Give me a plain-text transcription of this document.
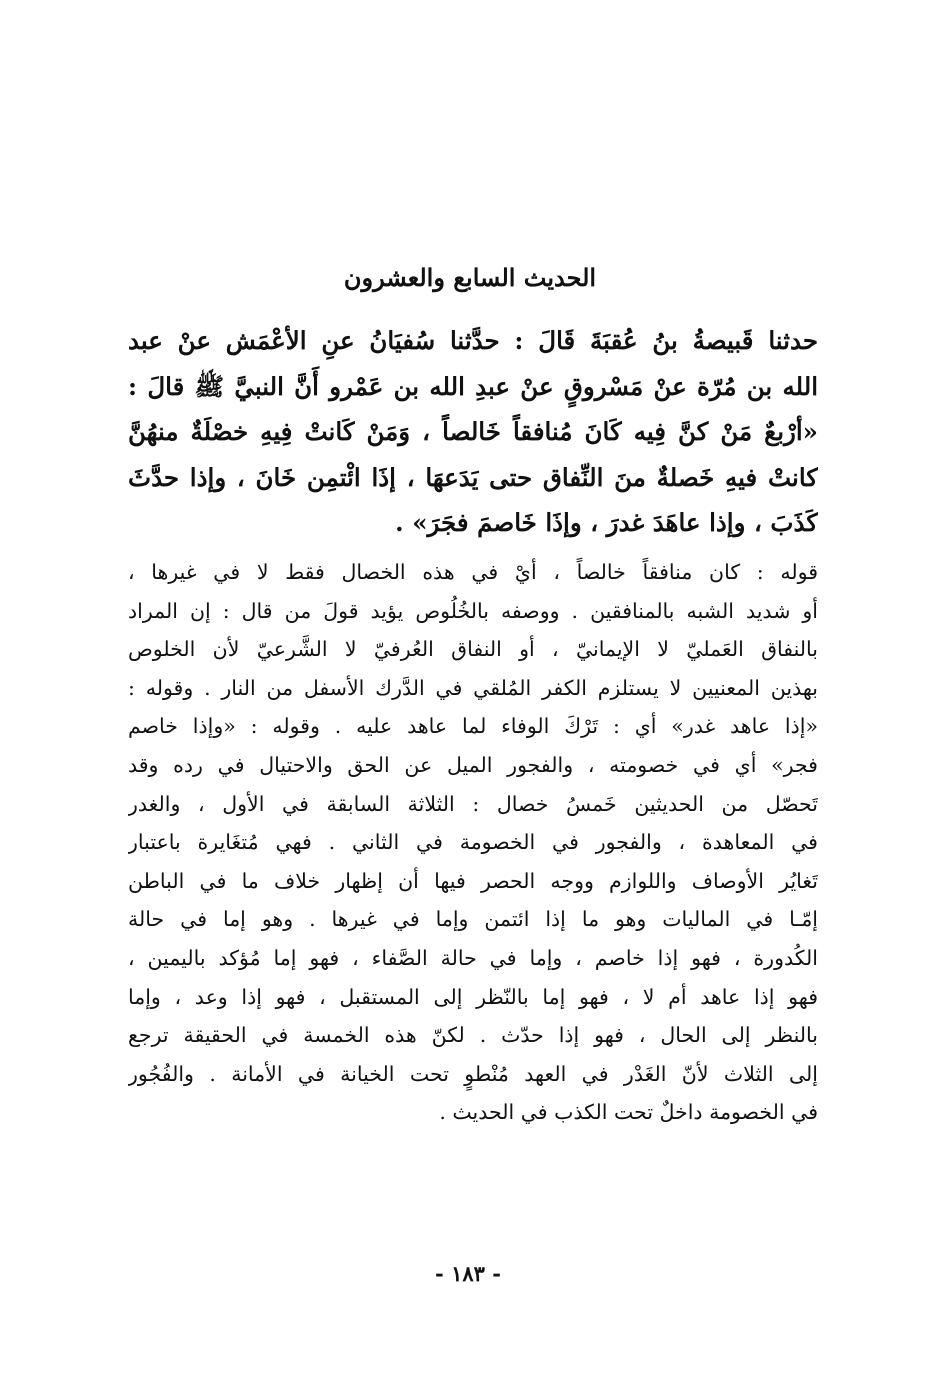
الحديث السابع والعشرون
حدثنا قَبيصةُ بنُ عُقبَةَ قَالَ : حدَّثنا سُفيَانُ عنِ الأعْمَش عنْ عبد
الله بن مُرّة عنْ مَسْروقٍ عنْ عبدِ الله بن عَمْرو أَنَّ النبيَّ ﷺ قالَ :
«أرْبعٌ مَنْ كنَّ فِيه كَانَ مُنافقاً خَالصاً ، وَمَنْ كَانتْ فِيهِ خصْلَةٌ منهُنَّ
كانتْ فيهِ خَصلةٌ منَ النِّفاق حتى يَدَعهَا ، إذَا ائْتمِن خَانَ ، وإذا حدَّثَ
كَذَبَ ، وإذا عاهَدَ غدرَ ، وإذَا خَاصمَ فجَرَ» .
قوله : كان منافقاً خالصاً ، أيْ في هذه الخصال فقط لا في غيرها ،
أو شديد الشبه بالمنافقين . ووصفه بالخُلُوص يؤيد قولَ من قال : إن المراد
بالنفاق العَمليّ لا الإيمانيّ ، أو النفاق العُرفيّ لا الشَّرعيّ لأن الخلوص
بهذين المعنيين لا يستلزم الكفر المُلقي في الدَّرك الأسفل من النار . وقوله :
«إذا عاهد غدر» أي : تَرْكَ الوفاء لما عاهد عليه . وقوله : «وإذا خاصم
فجر» أي في خصومته ، والفجور الميل عن الحق والاحتيال في رده وقد
تَحصّل من الحديثين خَمسُ خصال : الثلاثة السابقة في الأول ، والغدر
في المعاهدة ، والفجور في الخصومة في الثاني . فهي مُتغَايرة باعتبار
تَغايُر الأوصاف واللوازم ووجه الحصر فيها أن إظهار خلاف ما في الباطن
إمّـا في الماليات وهو ما إذا ائتمن وإما في غيرها . وهو إما في حالة
الكُدورة ، فهو إذا خاصم ، وإما في حالة الصَّفاء ، فهو إما مُؤكد باليمين ،
فهو إذا عاهد أم لا ، فهو إما بالنّظر إلى المستقبل ، فهو إذا وعد ، وإما
بالنظر إلى الحال ، فهو إذا حدّث . لكنّ هذه الخمسة في الحقيقة ترجع
إلى الثلاث لأنّ الغَدْر في العهد مُنْطوٍ تحت الخيانة في الأمانة . والفُجُور
في الخصومة داخلٌ تحت الكذب في الحديث .
- ١٨٣ -
